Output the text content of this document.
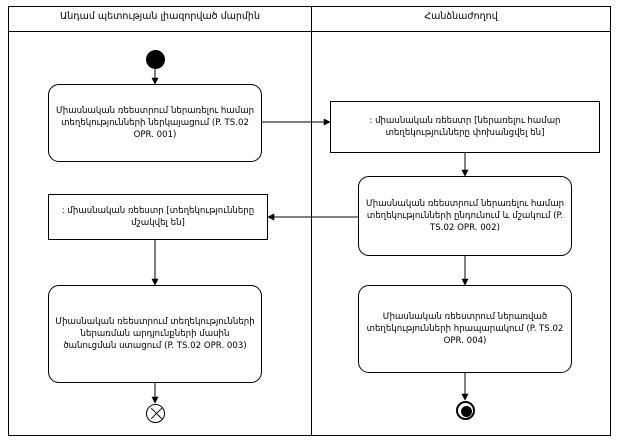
Անդամ պետության լիազորված մարմին	Հանձնաժողով
Միասնական ռեեստրում ներառելու համար տեղեկությունների ներկայացում (P. TS.02 OPR. 001)
: միասնական ռեեստր [ներառելու համար տեղեկությունները փոխանցվել են]
Միասնական ռեեստրում ներառելու համար տեղեկությունների ընդունում և մշակում (P. TS.02 OPR. 002)
: միասնական ռեեստր [տեղեկությունները մշակվել են]
Միասնական ռեեստրում ներառված տեղեկությունների հրապարակում (P. TS.02 OPR. 004)
Միասնական ռեեստրում տեղեկությունների ներառման արդյունքների մասին ծանուցման ստացում (P. TS.02 OPR. 003)
